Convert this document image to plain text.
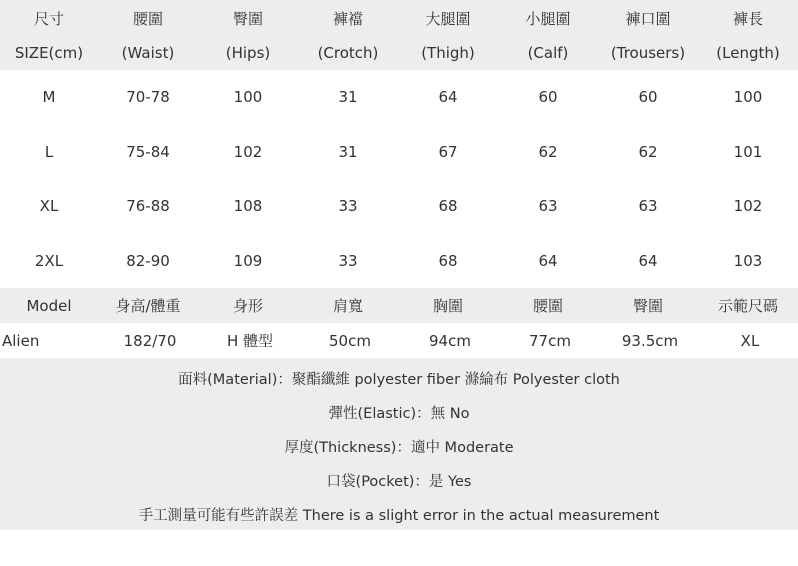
尺寸	腰圍	臀圍	褲襠	大腿圍	小腿圍	褲口圍	褲長
SIZE(cm)	(Waist)	(Hips)	(Crotch)	(Thigh)	(Calf)	(Trousers)	(Length)
M	70-78	100	31	64	60	60	100
L	75-84	102	31	67	62	62	101
XL	76-88	108	33	68	63	63	102
2XL	82-90	109	33	68	64	64	103
Model	身高/體重	身形	肩寬	胸圍	腰圍	臀圍	示範尺碼
Alien	182/70	H 體型	50cm	94cm	77cm	93.5cm	XL
面料(Material)：聚酯纖維 polyester fiber 滌綸布 Polyester cloth
彈性(Elastic)：無 No
厚度(Thickness)：適中 Moderate
口袋(Pocket)：是 Yes
手工測量可能有些許誤差 There is a slight error in the actual measurement
